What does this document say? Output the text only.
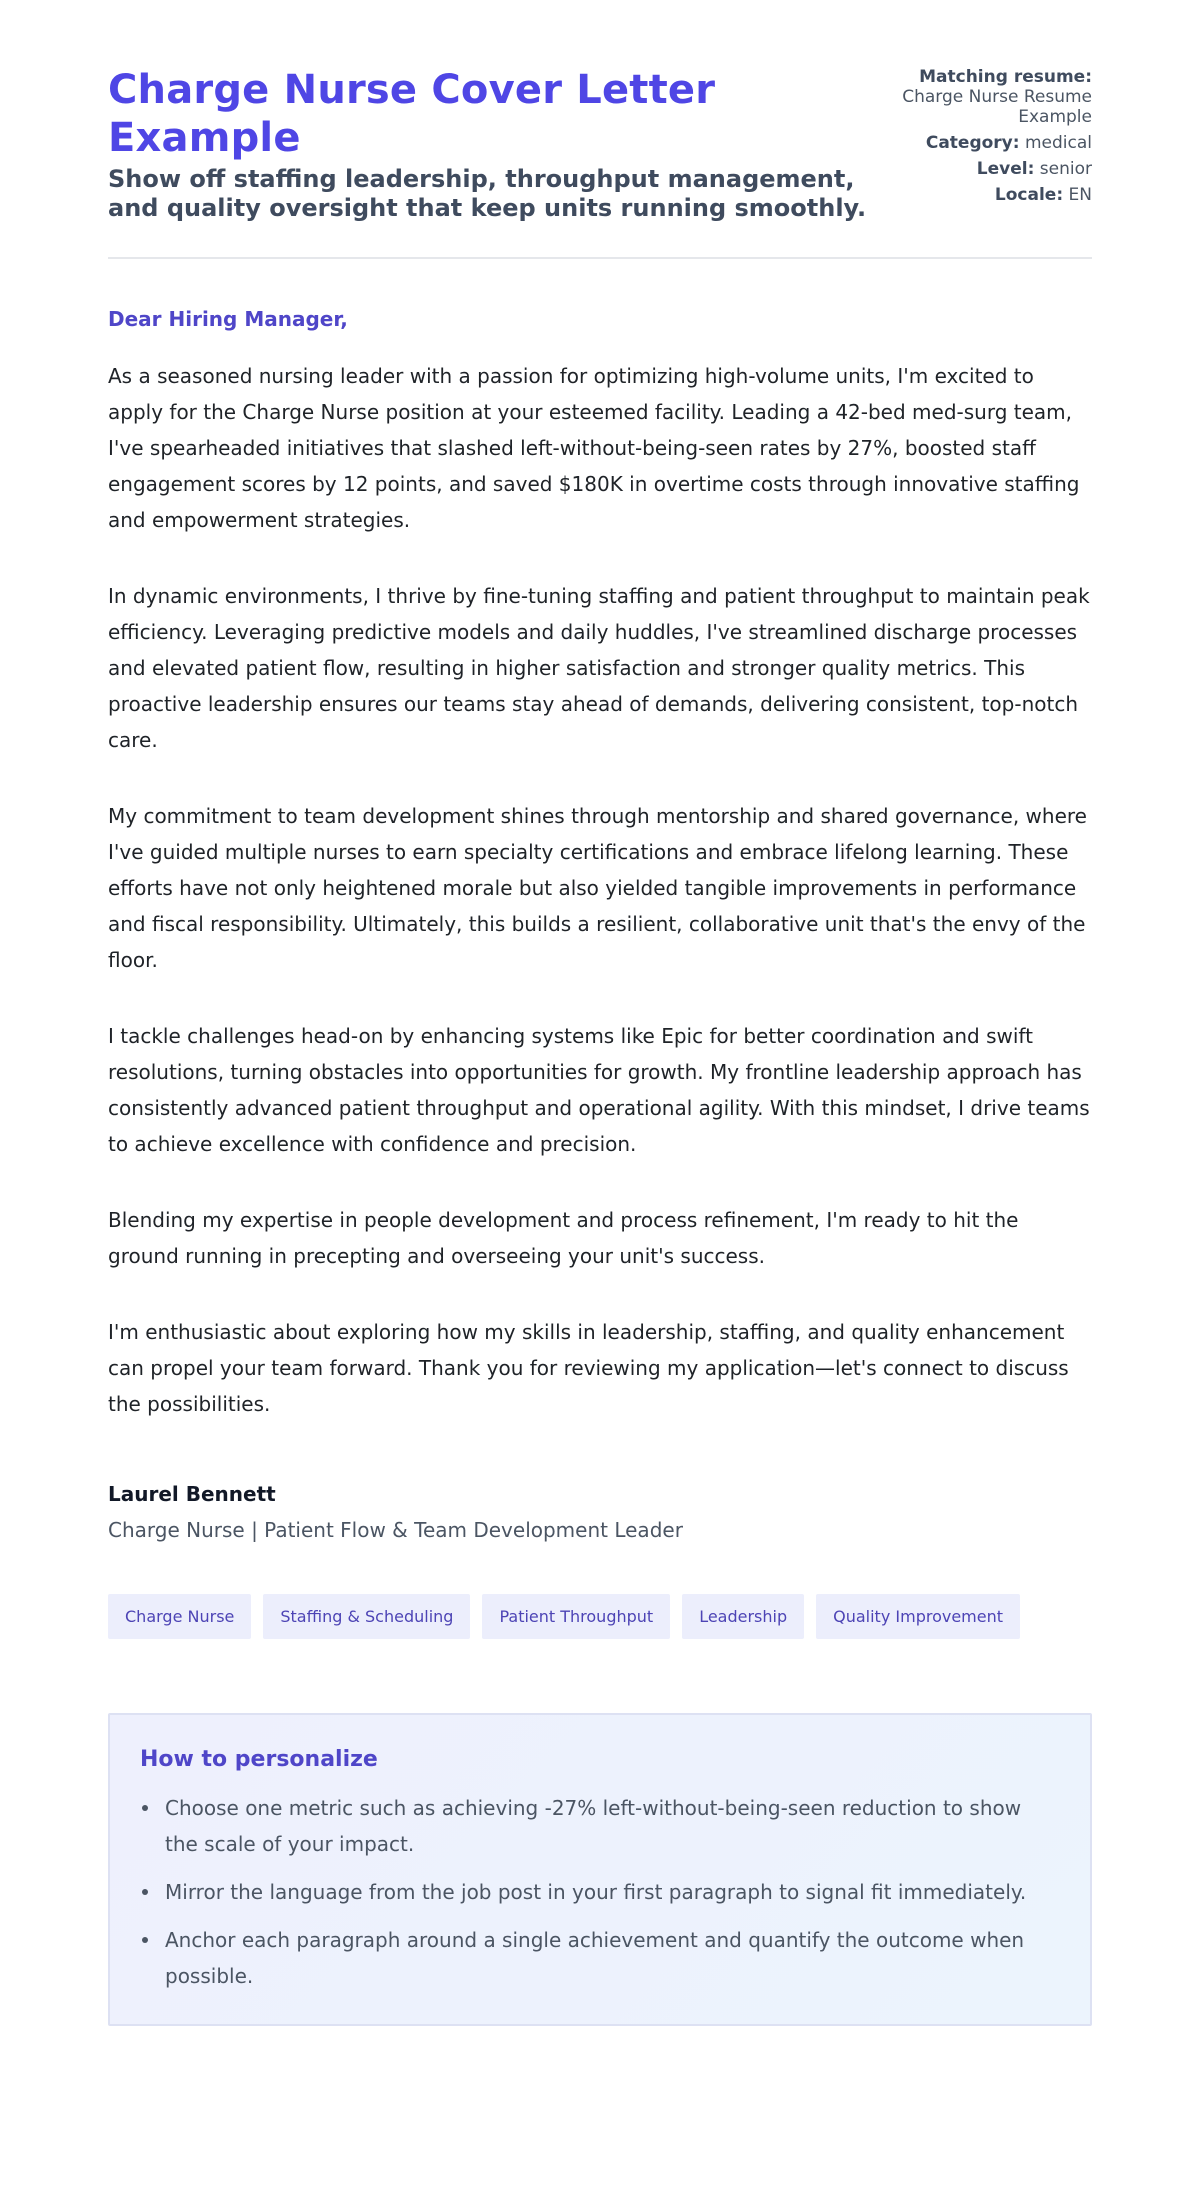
Charge Nurse Cover Letter Example
Show off staffing leadership, throughput management, and quality oversight that keep units running smoothly.
Matching resume:
Charge Nurse Resume Example
Category: medical
Level: senior
Locale: EN
Dear Hiring Manager,

As a seasoned nursing leader with a passion for optimizing high-volume units, I'm excited to apply for the Charge Nurse position at your esteemed facility. Leading a 42-bed med-surg team, I've spearheaded initiatives that slashed left-without-being-seen rates by 27%, boosted staff engagement scores by 12 points, and saved $180K in overtime costs through innovative staffing and empowerment strategies.

In dynamic environments, I thrive by fine-tuning staffing and patient throughput to maintain peak efficiency. Leveraging predictive models and daily huddles, I've streamlined discharge processes and elevated patient flow, resulting in higher satisfaction and stronger quality metrics. This proactive leadership ensures our teams stay ahead of demands, delivering consistent, top-notch care.

My commitment to team development shines through mentorship and shared governance, where I've guided multiple nurses to earn specialty certifications and embrace lifelong learning. These efforts have not only heightened morale but also yielded tangible improvements in performance and fiscal responsibility. Ultimately, this builds a resilient, collaborative unit that's the envy of the floor.

I tackle challenges head-on by enhancing systems like Epic for better coordination and swift resolutions, turning obstacles into opportunities for growth. My frontline leadership approach has consistently advanced patient throughput and operational agility. With this mindset, I drive teams to achieve excellence with confidence and precision.

Blending my expertise in people development and process refinement, I'm ready to hit the ground running in precepting and overseeing your unit's success.

I'm enthusiastic about exploring how my skills in leadership, staffing, and quality enhancement can propel your team forward. Thank you for reviewing my application—let's connect to discuss the possibilities.

Laurel Bennett
Charge Nurse | Patient Flow & Team Development Leader
Charge Nurse	Staffing & Scheduling	Patient Throughput	Leadership	Quality Improvement
How to personalize
Choose one metric such as achieving -27% left-without-being-seen reduction to show the scale of your impact.
Mirror the language from the job post in your first paragraph to signal fit immediately.
Anchor each paragraph around a single achievement and quantify the outcome when possible.
